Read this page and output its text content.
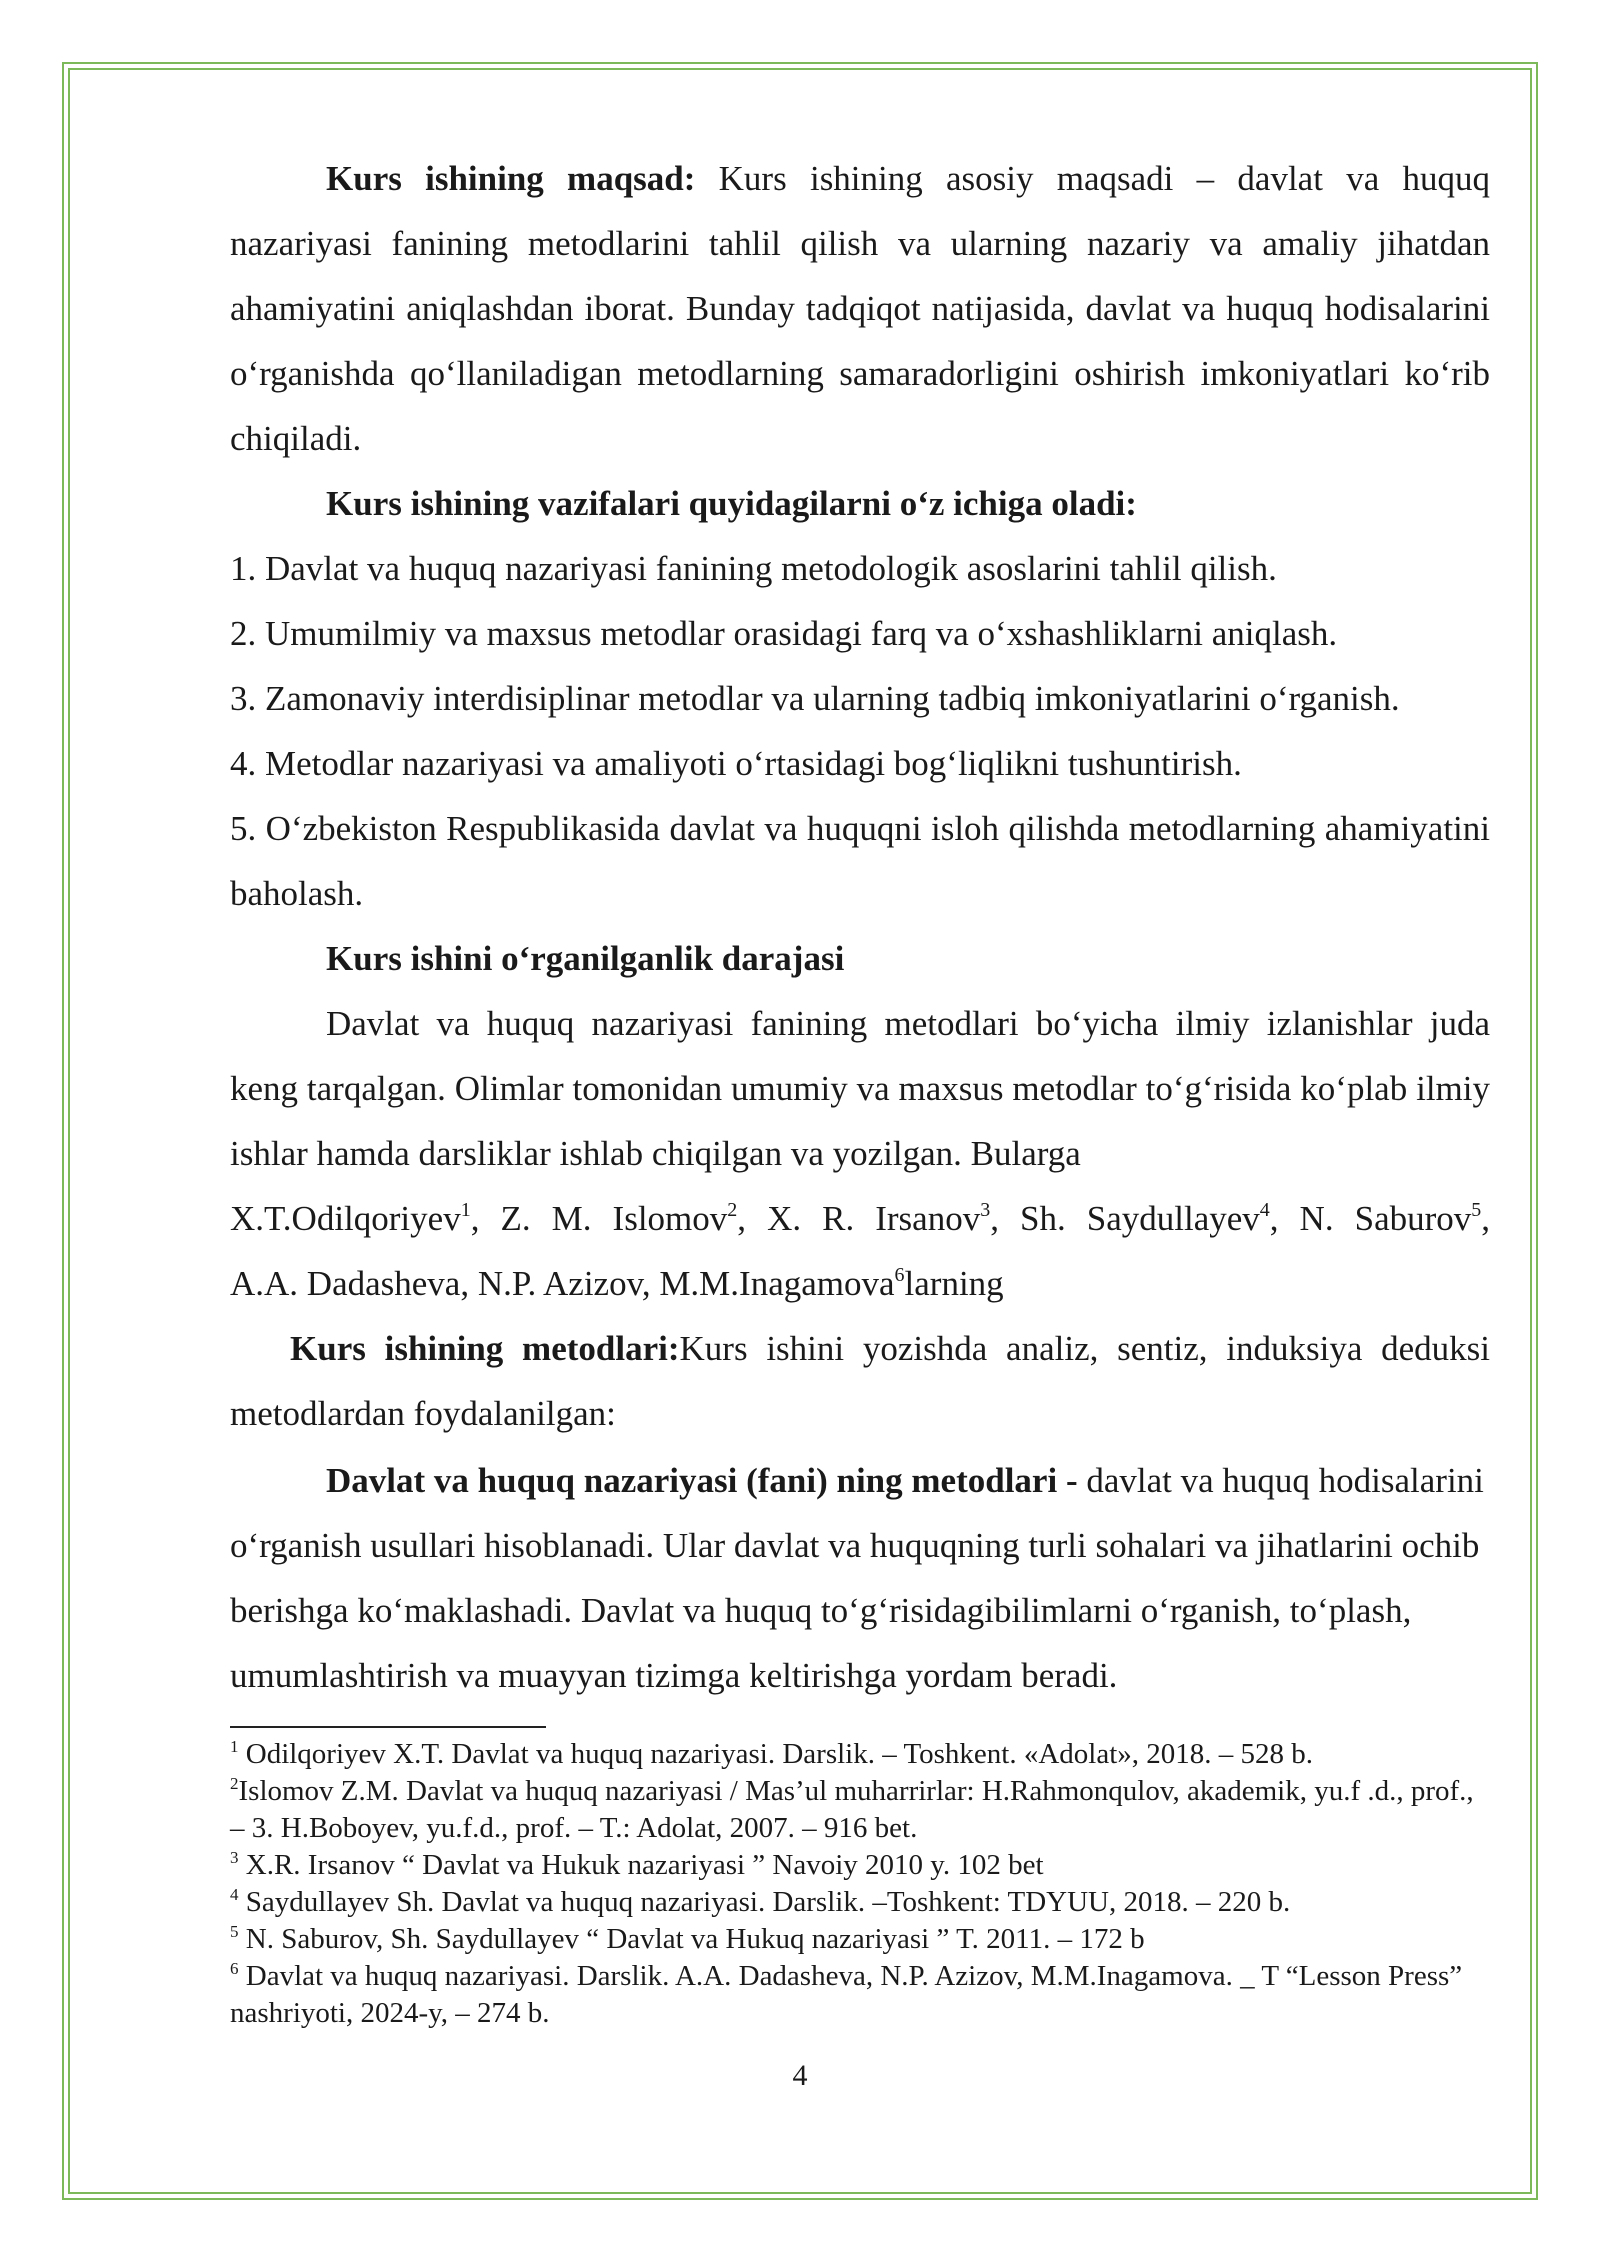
Kurs ishining maqsad: Kurs ishining asosiy maqsadi – davlat va huquq nazariyasi fanining metodlarini tahlil qilish va ularning nazariy va amaliy jihatdan ahamiyatini aniqlashdan iborat. Bunday tadqiqot natijasida, davlat va huquq hodisalarini o‘rganishda qo‘llaniladigan metodlarning samaradorligini oshirish imkoniyatlari ko‘rib chiqiladi.

Kurs ishining vazifalari quyidagilarni o‘z ichiga oladi:

1. Davlat va huquq nazariyasi fanining metodologik asoslarini tahlil qilish.

2. Umumilmiy va maxsus metodlar orasidagi farq va o‘xshashliklarni aniqlash.

3. Zamonaviy interdisiplinar metodlar va ularning tadbiq imkoniyatlarini o‘rganish.

4. Metodlar nazariyasi va amaliyoti o‘rtasidagi bog‘liqlikni tushuntirish.

5. O‘zbekiston Respublikasida davlat va huquqni isloh qilishda metodlarning ahamiyatini baholash.

Kurs ishini o‘rganilganlik darajasi

Davlat va huquq nazariyasi fanining metodlari bo‘yicha ilmiy izlanishlar juda keng tarqalgan. Olimlar tomonidan umumiy va maxsus metodlar to‘g‘risida ko‘plab ilmiy ishlar hamda darsliklar ishlab chiqilgan va yozilgan. Bularga
X.T.Odilqoriyev$^1$, Z. M. Islomov$^2$, X. R. Irsanov$^3$, Sh. Saydullayev$^4$, N. Saburov$^5$,
A.A. Dadasheva, N.P. Azizov, M.M.Inagamova$^6$larning

Kurs ishining metodlari:Kurs ishini yozishda analiz, sentiz, induksiya deduksi metodlardan foydalanilgan:

Davlat va huquq nazariyasi (fani) ning metodlari - davlat va huquq hodisalarini o‘rganish usullari hisoblanadi. Ular davlat va huquqning turli sohalari va jihatlarini ochib berishga ko‘maklashadi. Davlat va huquq to‘g‘risidagibilimlarni o‘rganish, to‘plash, umumlashtirish va muayyan tizimga keltirishga yordam beradi.

$^1$ Odilqoriyev X.T. Davlat va huquq nazariyasi. Darslik. – Toshkent. «Adolat», 2018. – 528 b.

$^2$Islomov Z.M. Davlat va huquq nazariyasi / Mas’ul muharrirlar: H.Rahmonqulov, akademik, yu.f .d., prof., – 3. H.Boboyev, yu.f.d., prof. – T.: Adolat, 2007. – 916 bet.

$^3$ X.R. Irsanov “ Davlat va Hukuk nazariyasi ” Navoiy 2010 y. 102 bet

$^4$ Saydullayev Sh. Davlat va huquq nazariyasi. Darslik. –Toshkent: TDYUU, 2018. – 220 b.

$^5$ N. Saburov, Sh. Saydullayev “ Davlat va Hukuq nazariyasi ” T. 2011. – 172 b

$^6$ Davlat va huquq nazariyasi. Darslik. A.A. Dadasheva, N.P. Azizov, M.M.Inagamova. _ T “Lesson Press” nashriyoti, 2024-y, – 274 b.

4
